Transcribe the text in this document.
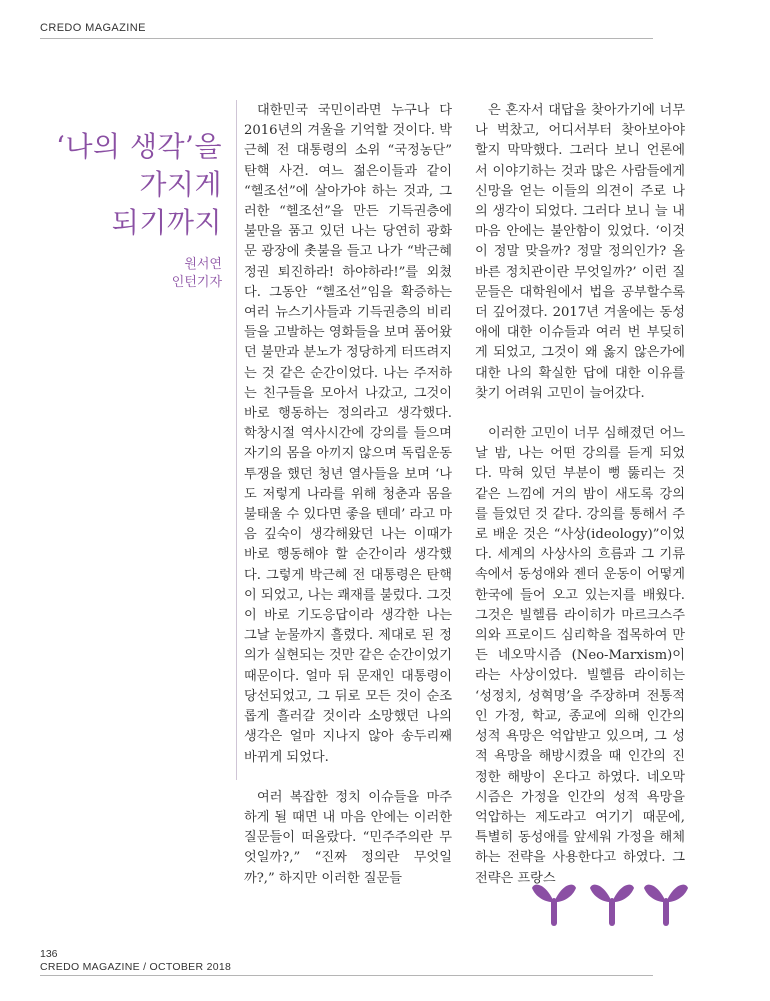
CREDO MAGAZINE
‘나의 생각’을
가지게
되기까지
원서연
인턴기자

대한민국 국민이라면 누구나 다 2016년의 겨울을 기억할 것이다. 박근혜 전 대통령의 소위 “국정농단” 탄핵 사건. 여느 젊은이들과 같이 “헬조선”에 살아가야 하는 것과, 그러한 “헬조선”을 만든 기득권층에 불만을 품고 있던 나는 당연히 광화문 광장에 촛불을 들고 나가 “박근혜 정권 퇴진하라! 하야하라!”를 외쳤다. 그동안 “헬조선”임을 확증하는 여러 뉴스기사들과 기득권층의 비리들을 고발하는 영화들을 보며 품어왔던 불만과 분노가 정당하게 터뜨려지는 것 같은 순간이었다. 나는 주저하는 친구들을 모아서 나갔고, 그것이 바로 행동하는 정의라고 생각했다. 학창시절 역사시간에 강의를 들으며 자기의 몸을 아끼지 않으며 독립운동 투쟁을 했던 청년 열사들을 보며 ‘나도 저렇게 나라를 위해 청춘과 몸을 불태울 수 있다면 좋을 텐데’ 라고 마음 깊숙이 생각해왔던 나는 이때가 바로 행동해야 할 순간이라 생각했다. 그렇게 박근혜 전 대통령은 탄핵이 되었고, 나는 쾌재를 불렀다. 그것이 바로 기도응답이라 생각한 나는 그날 눈물까지 흘렸다. 제대로 된 정의가 실현되는 것만 같은 순간이었기 때문이다. 얼마 뒤 문재인 대통령이 당선되었고, 그 뒤로 모든 것이 순조롭게 흘러갈 것이라 소망했던 나의 생각은 얼마 지나지 않아 송두리째 바뀌게 되었다.

여러 복잡한 정치 이슈들을 마주하게 될 때면 내 마음 안에는 이러한 질문들이 떠올랐다. “민주주의란 무엇일까?,” “진짜 정의란 무엇일까?,” 하지만 이러한 질문들

은 혼자서 대답을 찾아가기에 너무나 벅찼고, 어디서부터 찾아보아야 할지 막막했다. 그러다 보니 언론에서 이야기하는 것과 많은 사람들에게 신망을 얻는 이들의 의견이 주로 나의 생각이 되었다. 그러다 보니 늘 내 마음 안에는 불안함이 있었다. ‘이것이 정말 맞을까? 정말 정의인가? 올바른 정치관이란 무엇일까?’ 이런 질문들은 대학원에서 법을 공부할수록 더 깊어졌다. 2017년 겨울에는 동성애에 대한 이슈들과 여러 번 부딪히게 되었고, 그것이 왜 옳지 않은가에 대한 나의 확실한 답에 대한 이유를 찾기 어려워 고민이 늘어갔다.

이러한 고민이 너무 심해졌던 어느 날 밤, 나는 어떤 강의를 듣게 되었다. 막혀 있던 부분이 뻥 뚫리는 것 같은 느낌에 거의 밤이 새도록 강의를 들었던 것 같다. 강의를 통해서 주로 배운 것은 “사상(ideology)”이었다. 세계의 사상사의 흐름과 그 기류 속에서 동성애와 젠더 운동이 어떻게 한국에 들어 오고 있는지를 배웠다. 그것은 빌헬름 라이히가 마르크스주의와 프로이드 심리학을 접목하여 만든 네오막시즘 (Neo-Marxism)이라는 사상이었다. 빌헬름 라이히는 ‘성정치, 성혁명’을 주장하며 전통적인 가정, 학교, 종교에 의해 인간의 성적 욕망은 억압받고 있으며, 그 성적 욕망을 해방시켰을 때 인간의 진정한 해방이 온다고 하였다. 네오막시즘은 가정을 인간의 성적 욕망을 억압하는 제도라고 여기기 때문에, 특별히 동성애를 앞세워 가정을 해체하는 전략을 사용한다고 하였다. 그 전략은 프랑스

136
CREDO MAGAZINE / OCTOBER 2018
